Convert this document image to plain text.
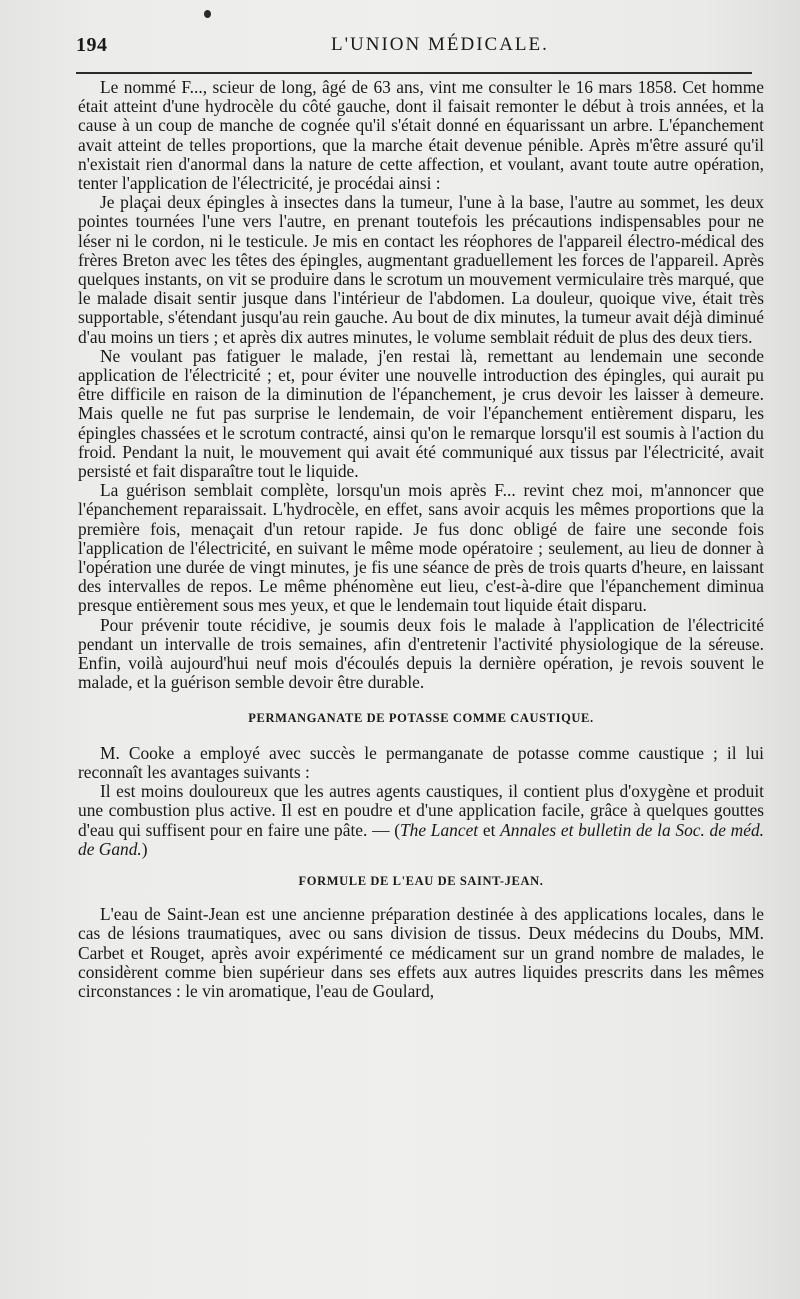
194	L'UNION MÉDICALE.

Le nommé F..., scieur de long, âgé de 63 ans, vint me consulter le 16 mars 1858. Cet homme était atteint d'une hydrocèle du côté gauche, dont il faisait remonter le début à trois années, et la cause à un coup de manche de cognée qu'il s'était donné en équarissant un arbre. L'épanchement avait atteint de telles proportions, que la marche était devenue pénible. Après m'être assuré qu'il n'existait rien d'anormal dans la nature de cette affection, et voulant, avant toute autre opération, tenter l'application de l'électricité, je procédai ainsi :

Je plaçai deux épingles à insectes dans la tumeur, l'une à la base, l'autre au sommet, les deux pointes tournées l'une vers l'autre, en prenant toutefois les précautions indispensables pour ne léser ni le cordon, ni le testicule. Je mis en contact les réophores de l'appareil électro-médical des frères Breton avec les têtes des épingles, augmentant graduellement les forces de l'appareil. Après quelques instants, on vit se produire dans le scrotum un mouvement vermiculaire très marqué, que le malade disait sentir jusque dans l'intérieur de l'abdomen. La douleur, quoique vive, était très supportable, s'étendant jusqu'au rein gauche. Au bout de dix minutes, la tumeur avait déjà diminué d'au moins un tiers ; et après dix autres minutes, le volume semblait réduit de plus des deux tiers.

Ne voulant pas fatiguer le malade, j'en restai là, remettant au lendemain une seconde application de l'électricité ; et, pour éviter une nouvelle introduction des épingles, qui aurait pu être difficile en raison de la diminution de l'épanchement, je crus devoir les laisser à demeure. Mais quelle ne fut pas surprise le lendemain, de voir l'épanchement entièrement disparu, les épingles chassées et le scrotum contracté, ainsi qu'on le remarque lorsqu'il est soumis à l'action du froid. Pendant la nuit, le mouvement qui avait été communiqué aux tissus par l'électricité, avait persisté et fait disparaître tout le liquide.

La guérison semblait complète, lorsqu'un mois après F... revint chez moi, m'annoncer que l'épanchement reparaissait. L'hydrocèle, en effet, sans avoir acquis les mêmes proportions que la première fois, menaçait d'un retour rapide. Je fus donc obligé de faire une seconde fois l'application de l'électricité, en suivant le même mode opératoire ; seulement, au lieu de donner à l'opération une durée de vingt minutes, je fis une séance de près de trois quarts d'heure, en laissant des intervalles de repos. Le même phénomène eut lieu, c'est-à-dire que l'épanchement diminua presque entièrement sous mes yeux, et que le lendemain tout liquide était disparu.

Pour prévenir toute récidive, je soumis deux fois le malade à l'application de l'électricité pendant un intervalle de trois semaines, afin d'entretenir l'activité physiologique de la séreuse. Enfin, voilà aujourd'hui neuf mois d'écoulés depuis la dernière opération, je revois souvent le malade, et la guérison semble devoir être durable.

PERMANGANATE DE POTASSE COMME CAUSTIQUE.

M. Cooke a employé avec succès le permanganate de potasse comme caustique ; il lui reconnaît les avantages suivants :

Il est moins douloureux que les autres agents caustiques, il contient plus d'oxygène et produit une combustion plus active. Il est en poudre et d'une application facile, grâce à quelques gouttes d'eau qui suffisent pour en faire une pâte. — (The Lancet et Annales et bulletin de la Soc. de méd. de Gand.)

FORMULE DE L'EAU DE SAINT-JEAN.

L'eau de Saint-Jean est une ancienne préparation destinée à des applications locales, dans le cas de lésions traumatiques, avec ou sans division de tissus. Deux médecins du Doubs, MM. Carbet et Rouget, après avoir expérimenté ce médicament sur un grand nombre de malades, le considèrent comme bien supérieur dans ses effets aux autres liquides prescrits dans les mêmes circonstances : le vin aromatique, l'eau de Goulard,
